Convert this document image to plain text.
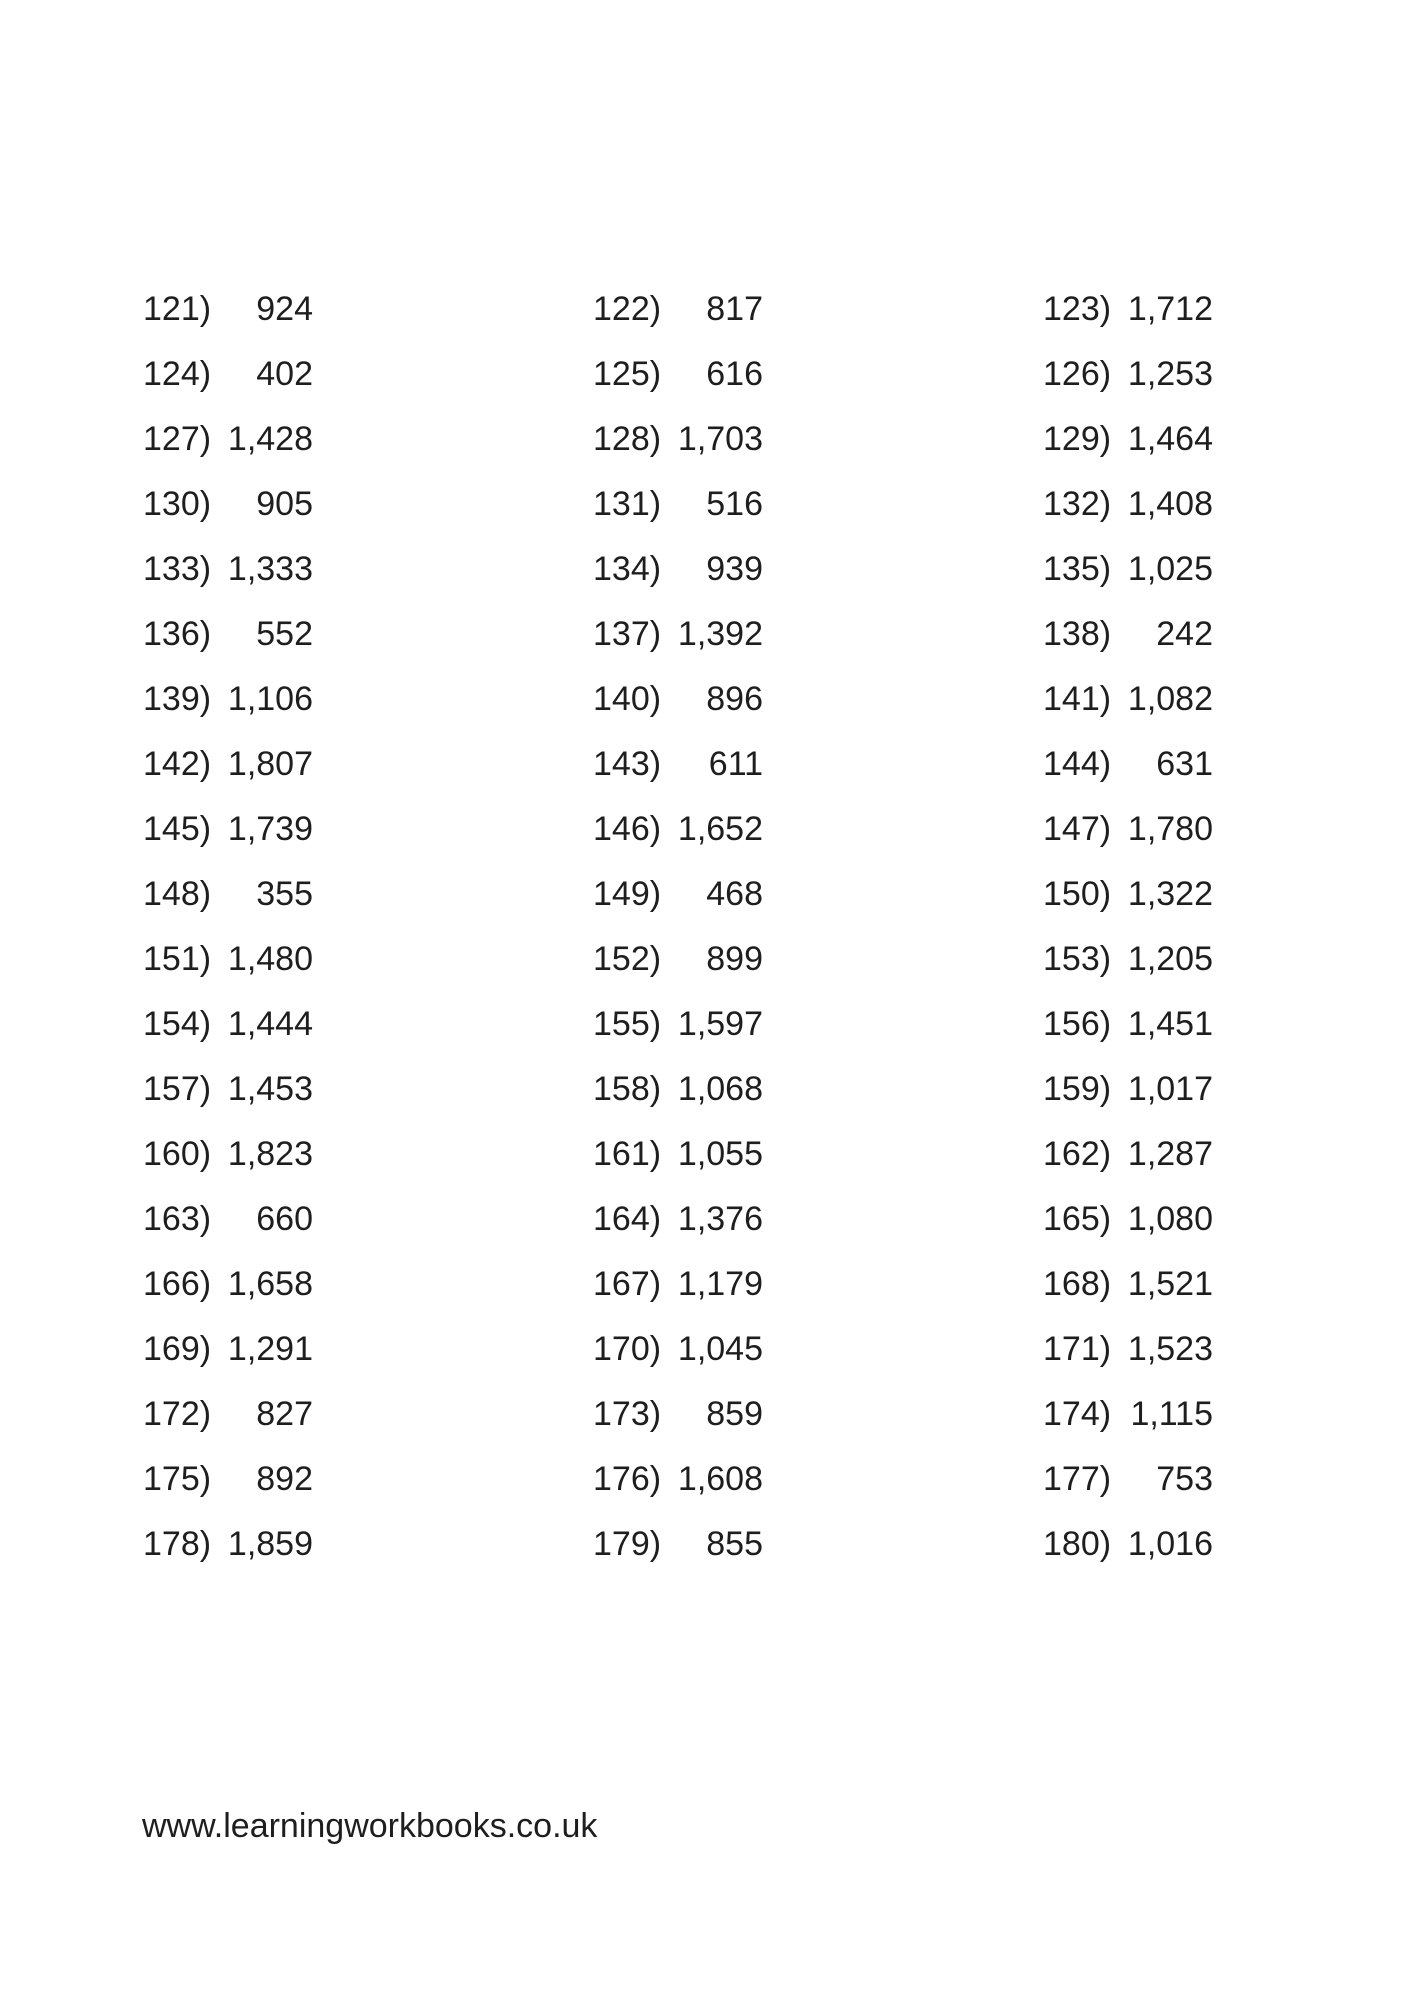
121) 924
124) 402
127) 1,428
130) 905
133) 1,333
136) 552
139) 1,106
142) 1,807
145) 1,739
148) 355
151) 1,480
154) 1,444
157) 1,453
160) 1,823
163) 660
166) 1,658
169) 1,291
172) 827
175) 892
178) 1,859
122) 817
125) 616
128) 1,703
131) 516
134) 939
137) 1,392
140) 896
143) 611
146) 1,652
149) 468
152) 899
155) 1,597
158) 1,068
161) 1,055
164) 1,376
167) 1,179
170) 1,045
173) 859
176) 1,608
179) 855
123) 1,712
126) 1,253
129) 1,464
132) 1,408
135) 1,025
138) 242
141) 1,082
144) 631
147) 1,780
150) 1,322
153) 1,205
156) 1,451
159) 1,017
162) 1,287
165) 1,080
168) 1,521
171) 1,523
174) 1,115
177) 753
180) 1,016
www.learningworkbooks.co.uk
